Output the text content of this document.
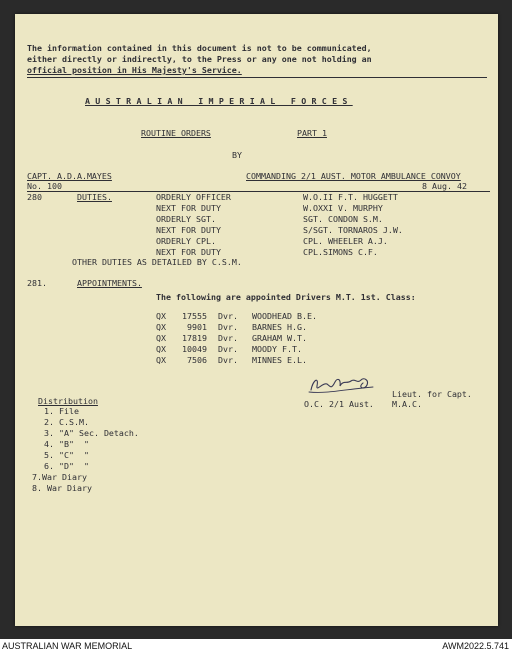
The information contained in this document is not to be communicated,
either directly or indirectly, to the Press or any one not holding an
official position in His Majesty's Service.
AUSTRALIAN IMPERIAL FORCES
ROUTINE ORDERS	PART 1
BY
CAPT. A.D.A.MAYES	COMMANDING 2/1 AUST. MOTOR AMBULANCE CONVOY
No. 100	8 Aug. 42
280	DUTIES.	ORDERLY OFFICER	W.O.II F.T. HUGGETT
NEXT FOR DUTY	W.OXXI V. MURPHY
ORDERLY SGT.	SGT. CONDON S.M.
NEXT FOR DUTY	S/SGT. TORNAROS J.W.
ORDERLY CPL.	CPL. WHEELER A.J.
NEXT FOR DUTY	CPL.SIMONS C.F.
OTHER DUTIES AS DETAILED BY C.S.M.
281.	APPOINTMENTS.
The following are appointed Drivers M.T. 1st. Class:
QX	17555 Dvr. WOODHEAD B.E.
QX	9901 Dvr. BARNES H.G.
QX	17819 Dvr. GRAHAM W.T.
QX	10049 Dvr. MOODY F.T.
QX	7506 Dvr. MINNES E.L.
Lieut. for Capt.
O.C. 2/1 Aust. M.A.C.
Distribution
1. File
2. C.S.M.
3. "A" Sec. Detach.
4. "B"  "
5. "C"  "
6. "D"  "
7.War Diary
8. War Diary
AUSTRALIAN WAR MEMORIAL	AWM2022.5.741
